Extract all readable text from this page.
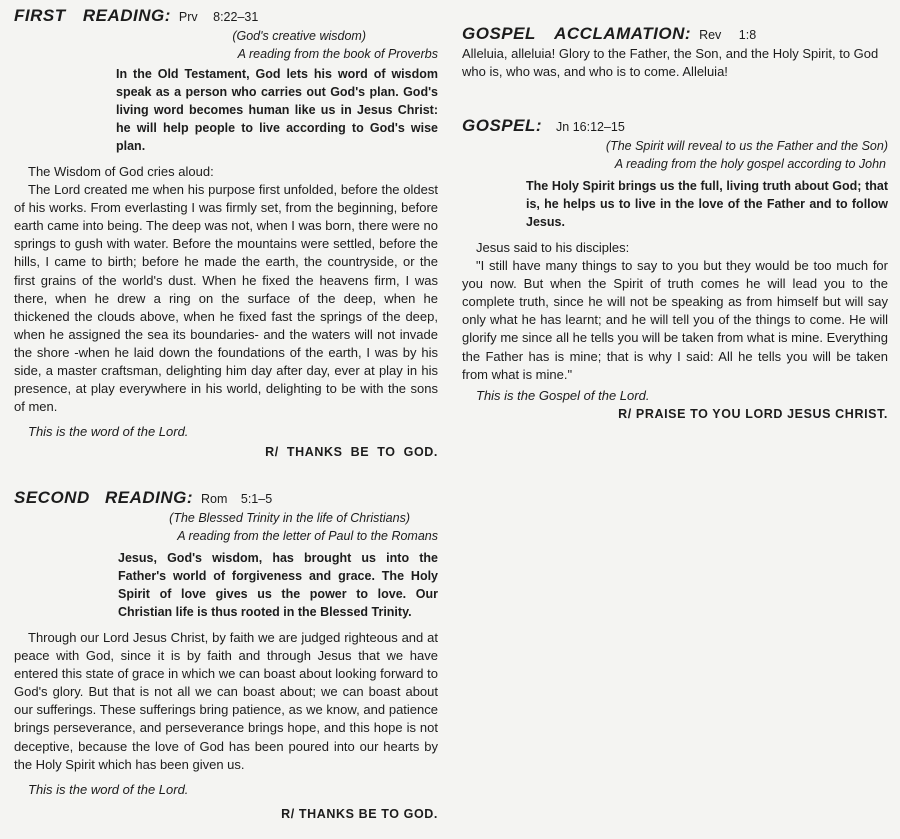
FIRST READING: Prv 8:22–31
(God's creative wisdom)
A reading from the book of Proverbs
In the Old Testament, God lets his word of wisdom speak as a person who carries out God's plan. God's living word becomes human like us in Jesus Christ: he will help people to live according to God's wise plan.

The Wisdom of God cries aloud:

The Lord created me when his purpose first unfolded, before the oldest of his works. From everlasting I was firmly set, from the beginning, before earth came into being. The deep was not, when I was born, there were no springs to gush with water. Before the mountains were settled, before the hills, I came to birth; before he made the earth, the countryside, or the first grains of the world's dust. When he fixed the heavens firm, I was there, when he drew a ring on the surface of the deep, when he thickened the clouds above, when he fixed fast the springs of the deep, when he assigned the sea its boundaries- and the waters will not invade the shore -when he laid down the foundations of the earth, I was by his side, a master craftsman, delighting him day after day, ever at play in his presence, at play everywhere in his world, delighting to be with the sons of men.

This is the word of the Lord.
R/ THANKS BE TO GOD.
SECOND READING: Rom 5:1–5
(The Blessed Trinity in the life of Christians)
A reading from the letter of Paul to the Romans
Jesus, God's wisdom, has brought us into the Father's world of forgiveness and grace. The Holy Spirit of love gives us the power to love. Our Christian life is thus rooted in the Blessed Trinity.

Through our Lord Jesus Christ, by faith we are judged righteous and at peace with God, since it is by faith and through Jesus that we have entered this state of grace in which we can boast about looking forward to God's glory. But that is not all we can boast about; we can boast about our sufferings. These sufferings bring patience, as we know, and patience brings perseverance, and perseverance brings hope, and this hope is not deceptive, because the love of God has been poured into our hearts by the Holy Spirit which has been given us.

This is the word of the Lord.
R/ THANKS BE TO GOD.
GOSPEL ACCLAMATION: Rev 1:8

Alleluia, alleluia! Glory to the Father, the Son, and the Holy Spirit, to God who is, who was, and who is to come. Alleluia!

GOSPEL: Jn 16:12–15
(The Spirit will reveal to us the Father and the Son)
A reading from the holy gospel according to John
The Holy Spirit brings us the full, living truth about God; that is, he helps us to live in the love of the Father and to follow Jesus.

Jesus said to his disciples:

"I still have many things to say to you but they would be too much for you now. But when the Spirit of truth comes he will lead you to the complete truth, since he will not be speaking as from himself but will say only what he has learnt; and he will tell you of the things to come. He will glorify me since all he tells you will be taken from what is mine. Everything the Father has is mine; that is why I said: All he tells you will be taken from what is mine."

This is the Gospel of the Lord.
R/ PRAISE TO YOU LORD JESUS CHRIST.
